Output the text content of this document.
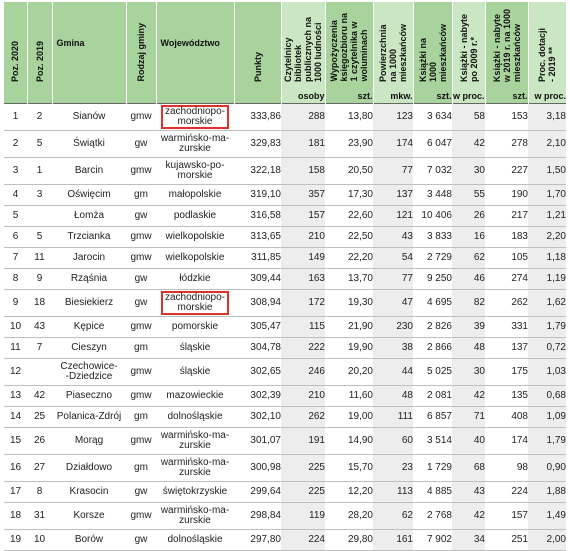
Poz. 2020	Poz. 2019	Gmina	Rodzaj gminy	Województwo	Punkty	Czytelnicy bibliotek
publicznych na
1000 ludności	Wypożyczenia
księgozbioru na
1 czytelnika w
woluminach	Powierzchnia
na 1000
mieszkańców	Książki na
1000
mieszkańców	Książki - nabyte
po 2009 r.*	Książki - nabyte
w 2019 r. na 1000
mieszkańców	Proc. dotacji
- 2019 **
						osoby	szt.	mkw.	szt.	w proc.	szt.	w proc.
1	2	Sianów	gmw	zachodniopo-
morskie	333,86	288	13,80	123	3 634	58	153	3,18
2	5	Świątki	gw	warmińsko-ma-
zurskie	329,83	181	23,90	174	6 047	42	278	2,10
3	1	Barcin	gmw	kujawsko-po-
morskie	322,18	158	20,50	77	7 032	30	227	1,50
4	3	Oświęcim	gm	małopolskie	319,10	357	17,30	137	3 448	55	190	1,70
5		Łomża	gw	podlaskie	316,58	157	22,60	121	10 406	26	217	1,21
6	5	Trzcianka	gmw	wielkopolskie	313,65	210	22,50	43	3 833	16	183	2,20
7	11	Jarocin	gmw	wielkopolskie	311,85	149	22,20	54	2 729	62	105	1,18
8	9	Rząśnia	gw	łódzkie	309,44	163	13,70	77	9 250	46	274	1,19
9	18	Biesiekierz	gw	zachodniopo-
morskie	308,94	172	19,30	47	4 695	82	262	1,62
10	43	Kępice	gmw	pomorskie	305,47	115	21,90	230	2 826	39	331	1,79
11	7	Cieszyn	gm	śląskie	304,78	222	19,90	38	2 866	48	137	0,72
12		Czechowice-
-Dziedzice	gmw	śląskie	302,65	246	20,20	44	5 025	30	175	1,03
13	42	Piaseczno	gmw	mazowieckie	302,39	210	11,60	48	2 081	42	135	0,68
14	25	Polanica-Zdrój	gm	dolnośląskie	302,10	262	19,00	111	6 857	71	408	1,09
15	26	Morąg	gmw	warmińsko-ma-
zurskie	301,07	191	14,90	60	3 514	40	174	1,79
16	27	Działdowo	gm	warmińsko-ma-
zurskie	300,98	225	15,70	23	1 729	68	98	0,90
17	8	Krasocin	gw	świętokrzyskie	299,64	225	12,20	113	4 885	43	224	1,88
18	31	Korsze	gmw	warmińsko-ma-
zurskie	298,84	119	28,20	62	2 768	42	157	1,49
19	10	Borów	gw	dolnośląskie	297,80	224	29,80	161	7 902	34	251	2,00
